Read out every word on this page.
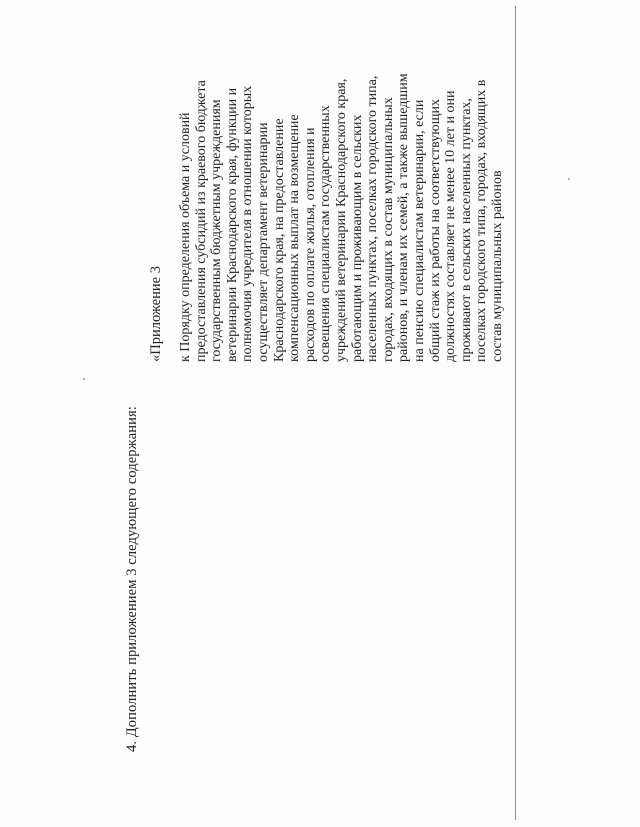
4. Дополнить приложением 3 следующего содержания:
«Приложение 3 к Порядку определения объема и условий предоставления субсидий из краевого бюджета государственным бюджетным учреждениям ветеринарии Краснодарского края, функции и полномочия учредителя в отношении которых осуществляет департамент ветеринарии Краснодарского края, на предоставление компенсационных выплат на возмещение расходов по оплате жилья, отопления и освещения специалистам государственных учреждений ветеринарии Краснодарского края, работающим и проживающим в сельских населенных пунктах, поселках городского типа, городах, входящих в состав муниципальных районов, и членам их семей, а также вышедшим на пенсию специалистам ветеринарии, если общий стаж их работы на соответствующих должностях составляет не менее 10 лет и они проживают в сельских населенных пунктах, поселках городского типа, городах, входящих в состав муниципальных районов
